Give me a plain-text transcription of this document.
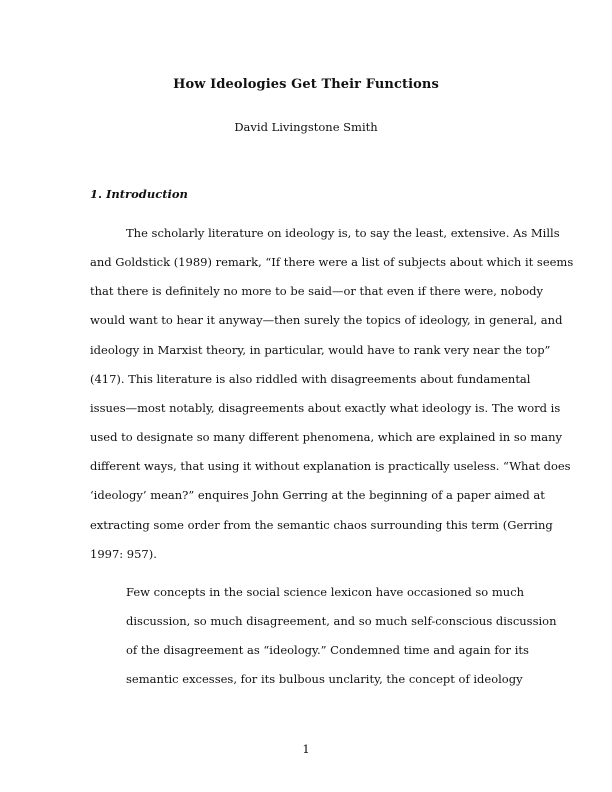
How Ideologies Get Their Functions
David Livingstone Smith
1. Introduction
The scholarly literature on ideology is, to say the least, extensive. As Mills
and Goldstick (1989) remark, “If there were a list of subjects about which it seems
that there is definitely no more to be said—or that even if there were, nobody
would want to hear it anyway—then surely the topics of ideology, in general, and
ideology in Marxist theory, in particular, would have to rank very near the top”
(417). This literature is also riddled with disagreements about fundamental
issues—most notably, disagreements about exactly what ideology is. The word is
used to designate so many different phenomena, which are explained in so many
different ways, that using it without explanation is practically useless. “What does
‘ideology’ mean?” enquires John Gerring at the beginning of a paper aimed at
extracting some order from the semantic chaos surrounding this term (Gerring
1997: 957).
Few concepts in the social science lexicon have occasioned so much
discussion, so much disagreement, and so much self-conscious discussion
of the disagreement as “ideology.” Condemned time and again for its
semantic excesses, for its bulbous unclarity, the concept of ideology
1
